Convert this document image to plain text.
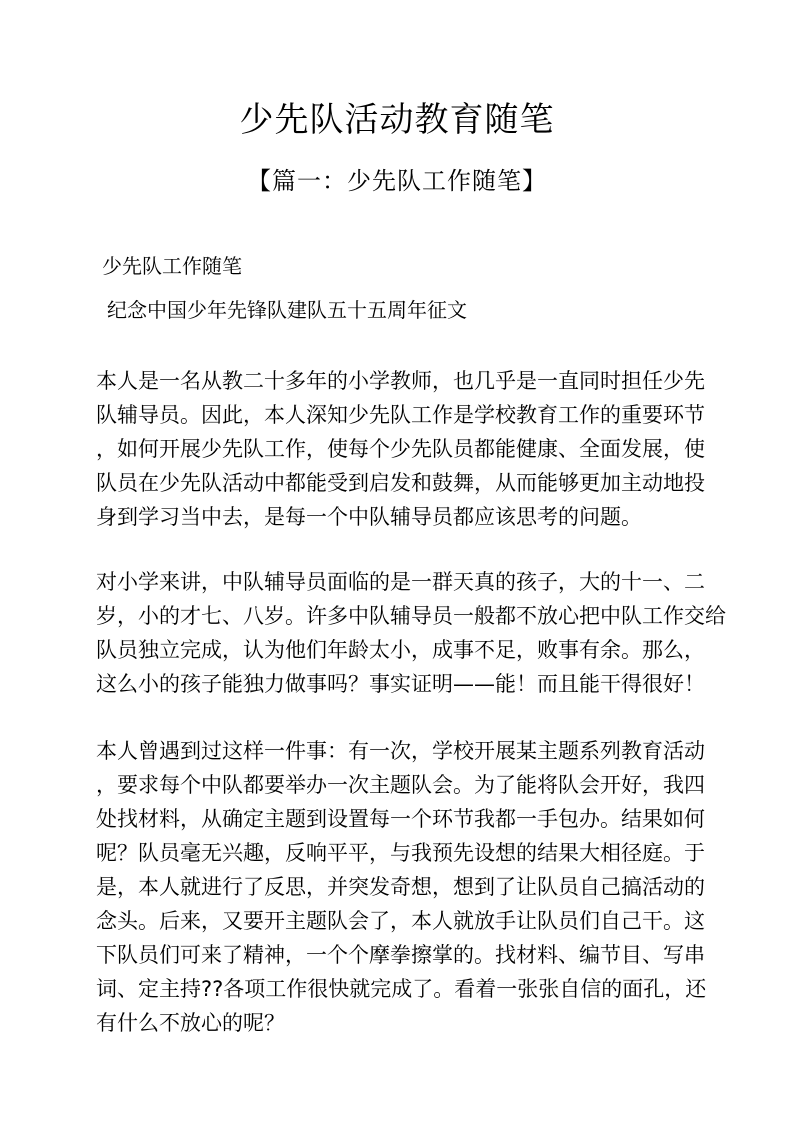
少先队活动教育随笔
【篇一：少先队工作随笔】
少先队工作随笔
纪念中国少年先锋队建队五十五周年征文
本人是一名从教二十多年的小学教师，也几乎是一直同时担任少先
队辅导员。因此，本人深知少先队工作是学校教育工作的重要环节
，如何开展少先队工作，使每个少先队员都能健康、全面发展，使
队员在少先队活动中都能受到启发和鼓舞，从而能够更加主动地投
身到学习当中去，是每一个中队辅导员都应该思考的问题。
对小学来讲，中队辅导员面临的是一群天真的孩子，大的十一、二
岁，小的才七、八岁。许多中队辅导员一般都不放心把中队工作交给
队员独立完成，认为他们年龄太小，成事不足，败事有余。那么，
这么小的孩子能独力做事吗？事实证明——能！而且能干得很好！
本人曾遇到过这样一件事：有一次，学校开展某主题系列教育活动
，要求每个中队都要举办一次主题队会。为了能将队会开好，我四
处找材料，从确定主题到设置每一个环节我都一手包办。结果如何
呢？队员毫无兴趣，反响平平，与我预先设想的结果大相径庭。于
是，本人就进行了反思，并突发奇想，想到了让队员自己搞活动的
念头。后来，又要开主题队会了，本人就放手让队员们自己干。这
下队员们可来了精神，一个个摩拳擦掌的。找材料、编节目、写串
词、定主持??各项工作很快就完成了。看着一张张自信的面孔，还
有什么不放心的呢？
